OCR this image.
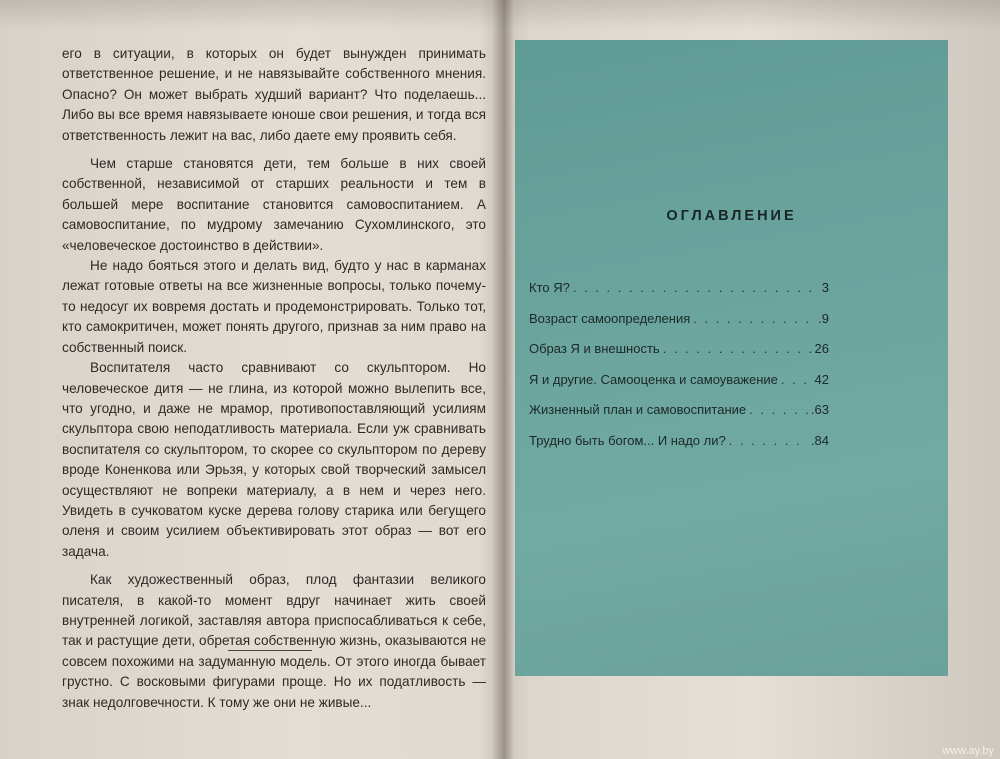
его в ситуации, в которых он будет вынужден принимать ответственное решение, и не навязывайте собственного мнения. Опасно? Он может выбрать худший вариант? Что поделаешь... Либо вы все время навязываете юноше свои решения, и тогда вся ответственность лежит на вас, либо даете ему проявить себя.

Чем старше становятся дети, тем больше в них своей собственной, независимой от старших реальности и тем в большей мере воспитание становится самовоспитанием. А самовоспитание, по мудрому замечанию Сухомлинского, это «человеческое достоинство в действии».

Не надо бояться этого и делать вид, будто у нас в карманах лежат готовые ответы на все жизненные вопросы, только почему-то недосуг их вовремя достать и продемонстрировать. Только тот, кто самокритичен, может понять другого, признав за ним право на собственный поиск.

Воспитателя часто сравнивают со скульптором. Но человеческое дитя — не глина, из которой можно вылепить все, что угодно, и даже не мрамор, противопоставляющий усилиям скульптора свою неподатливость материала. Если уж сравнивать воспитателя со скульптором, то скорее со скульптором по дереву вроде Коненкова или Эрьзя, у которых свой творческий замысел осуществляют не вопреки материалу, а в нем и через него. Увидеть в сучковатом куске дерева голову старика или бегущего оленя и своим усилием объективировать этот образ — вот его задача.

Как художественный образ, плод фантазии великого писателя, в какой-то момент вдруг начинает жить своей внутренней логикой, заставляя автора приспосабливаться к себе, так и растущие дети, обретая собственную жизнь, оказываются не совсем похожими на задуманную модель. От этого иногда бывает грустно. С восковыми фигурами проще. Но их податливость — знак недолговечности. К тому же они не живые...

ОГЛАВЛЕНИЕ
Кто Я? . . .	3
Возраст самоопределения . . .	.9
Образ Я и внешность . . .	26
Я и другие. Самооценка и самоуважение . . .	42
Жизненный план и самовоспитание . . .	.63
Трудно быть богом... И надо ли? . . .	.84
www.ay.by
